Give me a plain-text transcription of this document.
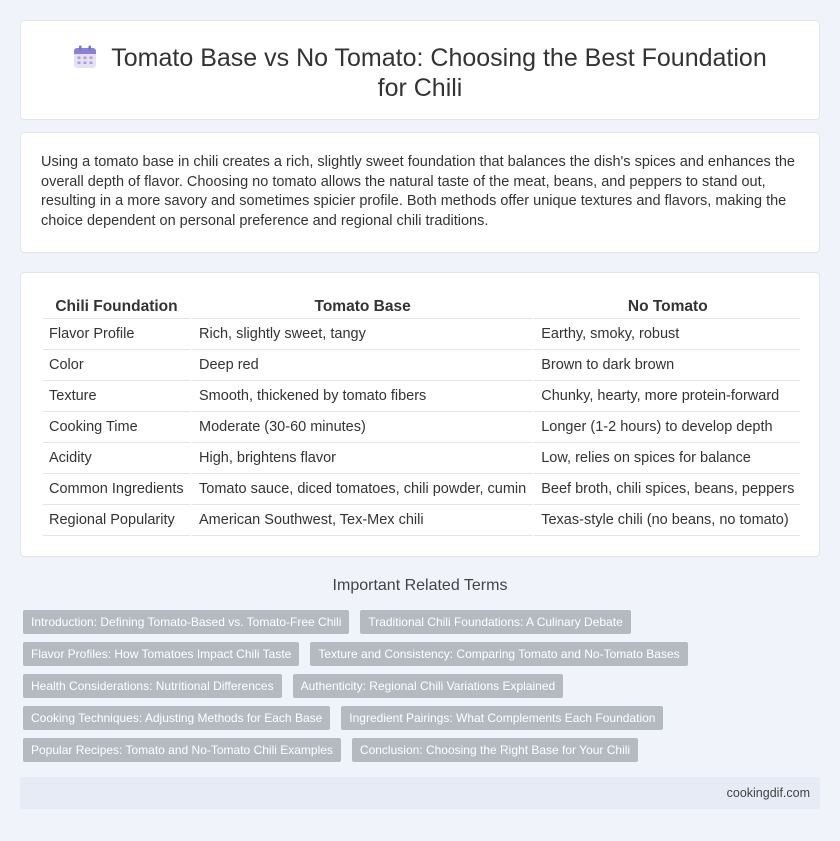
Tomato Base vs No Tomato: Choosing the Best Foundation for Chili

Using a tomato base in chili creates a rich, slightly sweet foundation that balances the dish's spices and enhances the overall depth of flavor. Choosing no tomato allows the natural taste of the meat, beans, and peppers to stand out, resulting in a more savory and sometimes spicier profile. Both methods offer unique textures and flavors, making the choice dependent on personal preference and regional chili traditions.

Chili Foundation	Tomato Base	No Tomato
Flavor Profile	Rich, slightly sweet, tangy	Earthy, smoky, robust
Color	Deep red	Brown to dark brown
Texture	Smooth, thickened by tomato fibers	Chunky, hearty, more protein-forward
Cooking Time	Moderate (30-60 minutes)	Longer (1-2 hours) to develop depth
Acidity	High, brightens flavor	Low, relies on spices for balance
Common Ingredients	Tomato sauce, diced tomatoes, chili powder, cumin	Beef broth, chili spices, beans, peppers
Regional Popularity	American Southwest, Tex-Mex chili	Texas-style chili (no beans, no tomato)
Important Related Terms
Introduction: Defining Tomato-Based vs. Tomato-Free Chili Traditional Chili Foundations: A Culinary Debate
Flavor Profiles: How Tomatoes Impact Chili Taste Texture and Consistency: Comparing Tomato and No-Tomato Bases
Health Considerations: Nutritional Differences Authenticity: Regional Chili Variations Explained
Cooking Techniques: Adjusting Methods for Each Base Ingredient Pairings: What Complements Each Foundation
Popular Recipes: Tomato and No-Tomato Chili Examples Conclusion: Choosing the Right Base for Your Chili
cookingdif.com
